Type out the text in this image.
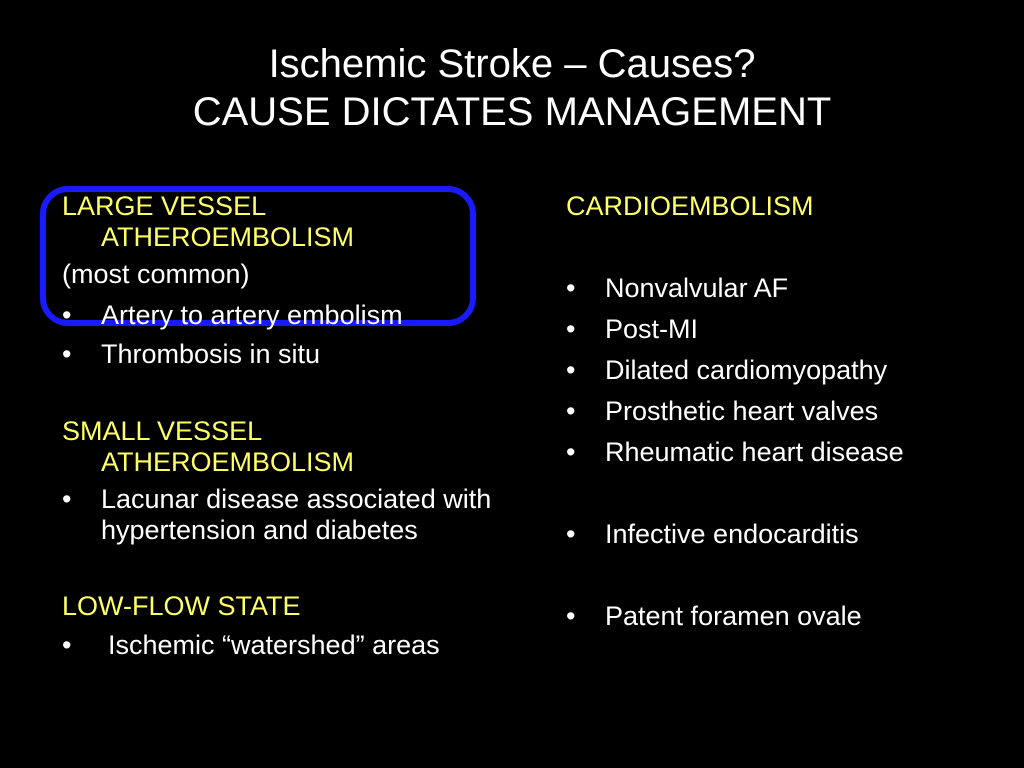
Ischemic Stroke – Causes?
CAUSE DICTATES MANAGEMENT
LARGE VESSEL
ATHEROEMBOLISM
(most common)
• Artery to artery embolism
• Thrombosis in situ
SMALL VESSEL
ATHEROEMBOLISM
• Lacunar disease associated with hypertension and diabetes
LOW-FLOW STATE
• Ischemic “watershed” areas
CARDIOEMBOLISM
• Nonvalvular AF
• Post-MI
• Dilated cardiomyopathy
• Prosthetic heart valves
• Rheumatic heart disease
• Infective endocarditis
• Patent foramen ovale
